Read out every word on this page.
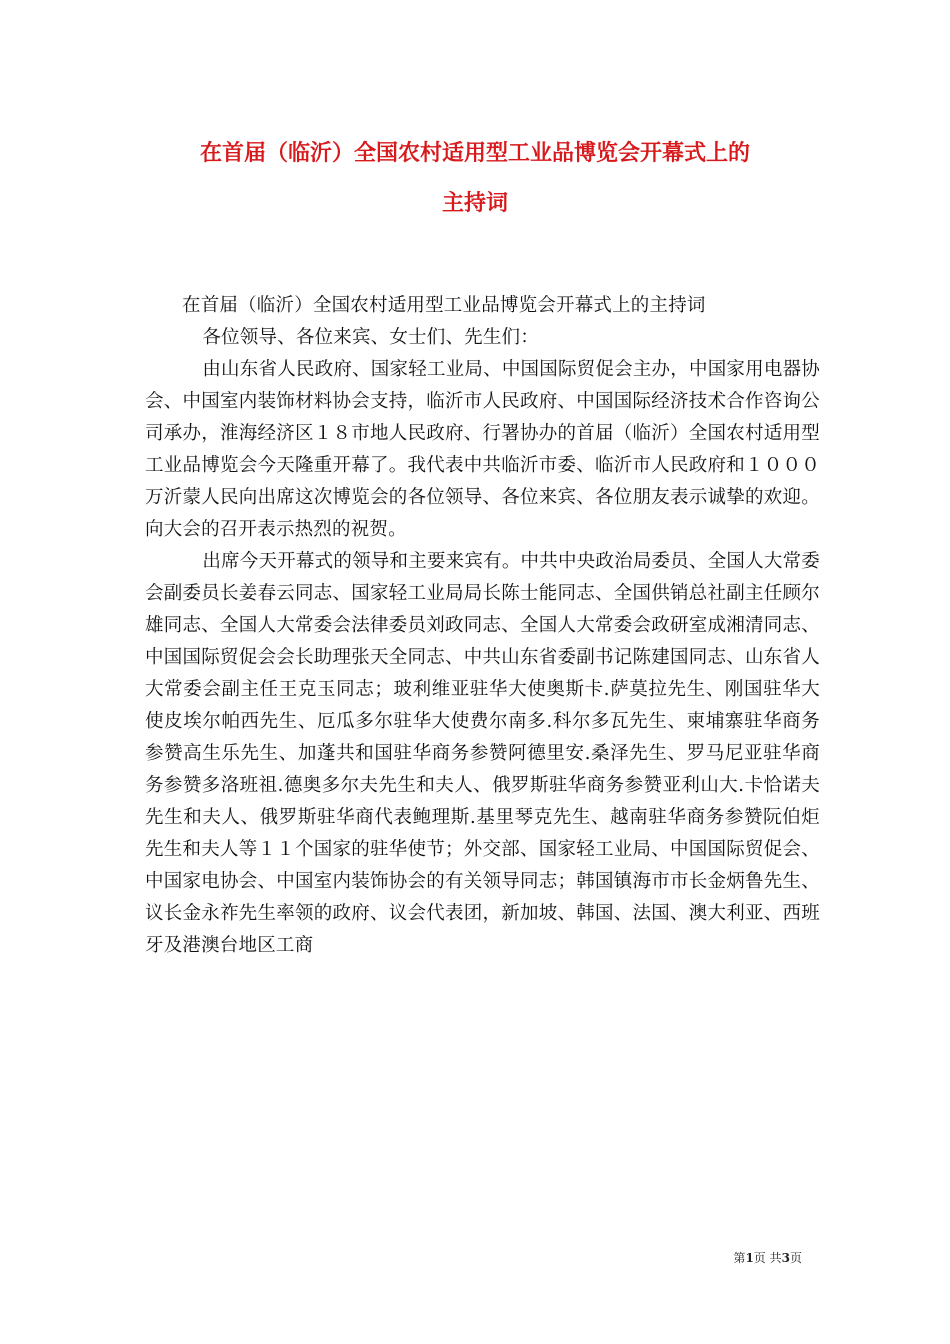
在首届（临沂）全国农村适用型工业品博览会开幕式上的
主持词

在首届（临沂）全国农村适用型工业品博览会开幕式上的主持词

各位领导、各位来宾、女士们、先生们：

由山东省人民政府、国家轻工业局、中国国际贸促会主办，中国家用电器协会、中国室内装饰材料协会支持，临沂市人民政府、中国国际经济技术合作咨询公司承办，淮海经济区１８市地人民政府、行署协办的首届（临沂）全国农村适用型工业品博览会今天隆重开幕了。我代表中共临沂市委、临沂市人民政府和１０００万沂蒙人民向出席这次博览会的各位领导、各位来宾、各位朋友表示诚挚的欢迎。向大会的召开表示热烈的祝贺。

出席今天开幕式的领导和主要来宾有。中共中央政治局委员、全国人大常委会副委员长姜春云同志、国家轻工业局局长陈士能同志、全国供销总社副主任顾尔雄同志、全国人大常委会法律委员刘政同志、全国人大常委会政研室成湘清同志、中国国际贸促会会长助理张天全同志、中共山东省委副书记陈建国同志、山东省人大常委会副主任王克玉同志；玻利维亚驻华大使奥斯卡.萨莫拉先生、刚国驻华大使皮埃尔帕西先生、厄瓜多尔驻华大使费尔南多.科尔多瓦先生、柬埔寨驻华商务参赞高生乐先生、加蓬共和国驻华商务参赞阿德里安.桑泽先生、罗马尼亚驻华商务参赞多洛班祖.德奥多尔夫先生和夫人、俄罗斯驻华商务参赞亚利山大.卡恰诺夫先生和夫人、俄罗斯驻华商代表鲍理斯.基里琴克先生、越南驻华商务参赞阮伯炬先生和夫人等１１个国家的驻华使节；外交部、国家轻工业局、中国国际贸促会、中国家电协会、中国室内装饰协会的有关领导同志；韩国镇海市市长金炳鲁先生、议长金永祚先生率领的政府、议会代表团，新加坡、韩国、法国、澳大利亚、西班牙及港澳台地区工商

第1页 共3页
